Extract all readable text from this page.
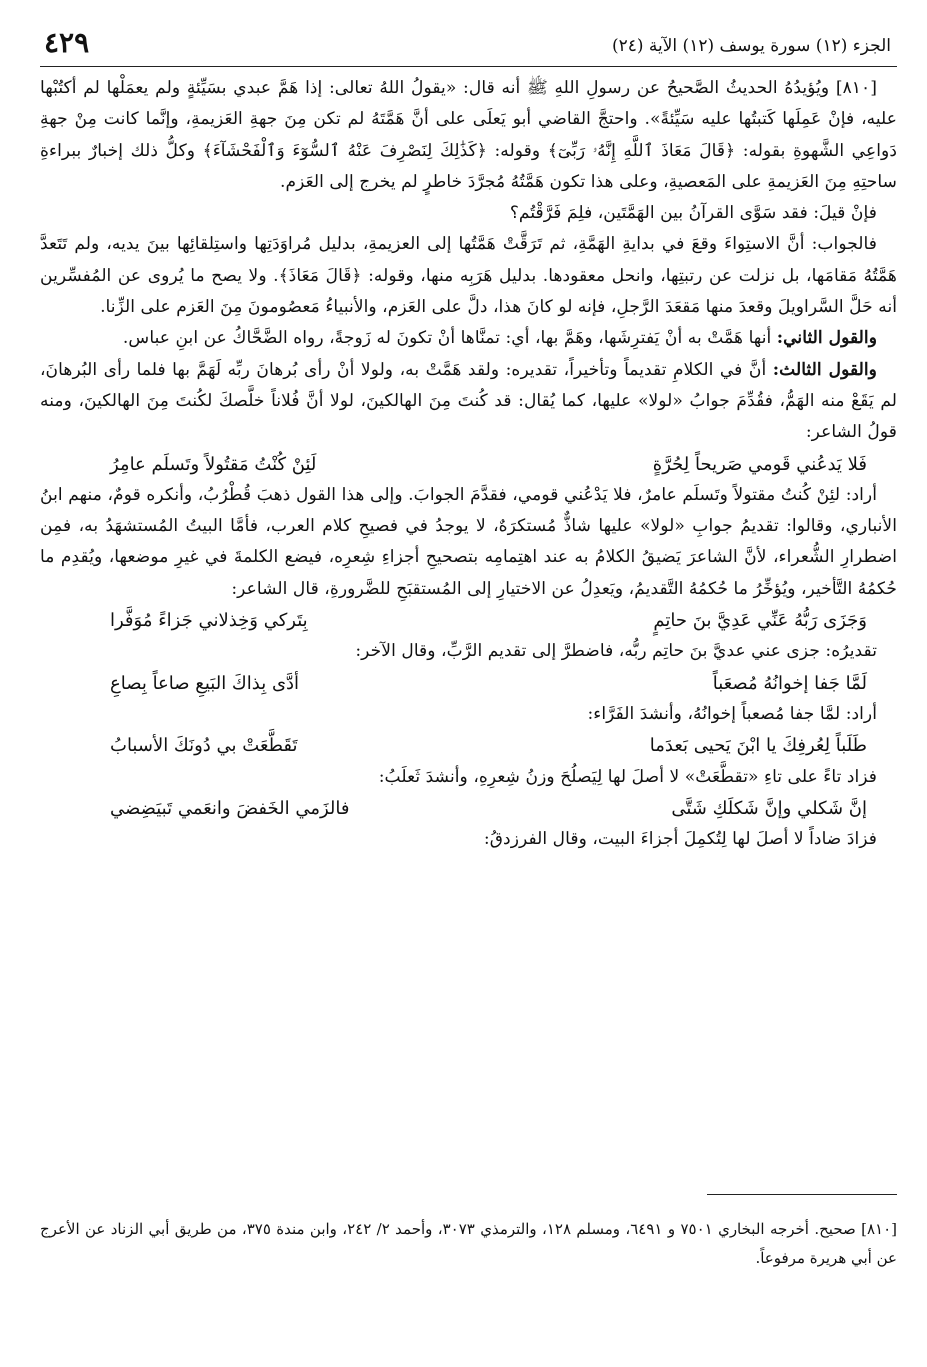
الجزء (١٢) سورة يوسف (١٢) الآية (٢٤)
٤٢٩

[٨١٠] ويُؤيدُهُ الحديثُ الصَّحيحُ عن رسولِ اللهِ ﷺ أنه قال: «يقولُ اللهُ تعالى: إذا هَمَّ عبدي بسَيِّئةٍ ولم يعمَلْها لم أكتُبْها عليه، فإنْ عَمِلَها كَتبتُها عليه سَيِّئةً». واحتجَّ القاضي أبو يَعلَى على أنَّ هَمَّتَهُ لم تكن مِنَ جهةِ العَزيمةِ، وإنَّما كانت مِنْ جهةِ دَواعِي الشَّهوةِ بقوله: ﴿قَالَ مَعَاذَ ٱللَّهِ إِنَّهُۥ رَبِّىٓ﴾ وقوله: ﴿كَذَٰلِكَ لِنَصْرِفَ عَنْهُ ٱلسُّوٓءَ وَٱلْفَحْشَآءَ﴾ وكلُّ ذلك إخبارٌ ببراءةِ ساحتِهِ مِنَ العَزيمةِ على المَعصيةِ، وعلى هذا تكون هَمَّتُهُ مُجرَّدَ خاطرٍ لم يخرج إلى العَزم.

فإنْ قيلَ: فقد سَوَّى القرآنُ بين الهَمَّتَين، فلِمَ فَرَّقْتُم؟

فالجواب: أنَّ الاستِواءَ وقعَ في بدايةِ الهَمَّةِ، ثم تَرَقَّتْ هَمَّتُها إلى العزيمةِ، بدليل مُراوَدَتِها واستِلقائِها بينَ يديه، ولم تَتَعدَّ هَمَّتُهُ مَقامَها، بل نزلت عن رتبتِها، وانحل معقودها. بدليل هَرَبِه منها، وقوله: ﴿قَالَ مَعَاذَ﴾. ولا يصح ما يُروى عن المُفسِّرين أنه حَلَّ السَّراويلَ وقعدَ منها مَقعَدَ الرَّجلِ، فإنه لو كانَ هذا، دلَّ على العَزم، والأنبياءُ مَعصُومونَ مِنَ العَزم على الزِّنا.

والقول الثاني: أنها هَمَّتْ به أنْ يَفترِشَها، وهَمَّ بها، أي: تمنَّاها أنْ تكونَ له زَوجةً، رواه الضَّحَّاكُ عن ابنِ عباس.

والقول الثالث: أنَّ في الكلامِ تقديماً وتأخيراً، تقديره: ولقد هَمَّتْ به، ولولا أنْ رأى بُرهانَ ربِّه لَهَمَّ بها فلما رأى البُرهانَ، لم يَقَعْ منه الهَمُّ، فقُدِّمَ جوابُ «لولا» عليها، كما يُقال: قد كُنتَ مِنَ الهالكينَ، لولا أنَّ فُلاناً خلَّصكَ لكُنتَ مِنَ الهالكينَ، ومنه قولُ الشاعر:

فَلا يَدعُني قَومي صَريحاً لِحُرَّةٍ
لَئِنْ كُنْتُ مَقتُولاً وتَسلَم عامِرُ

أراد: لئِنْ كُنتُ مقتولاً وتَسلَم عامرٌ، فلا يَدْعُني قومي، فقدَّمَ الجوابَ. وإلى هذا القول ذهبَ قُطْرُبُ، وأنكره قومٌ، منهم ابنُ الأنباري، وقالوا: تقديمُ جوابِ «لولا» عليها شاذٌّ مُستكرَهٌ، لا يوجدُ في فصيحِ كلام العرب، فأمَّا البيتُ المُستشهَدُ به، فمِن اضطرارِ الشُّعراء، لأنَّ الشاعرَ يَضيقُ الكلامُ به عند اهتِمامِه بتصحيحِ أجزاءِ شِعرِه، فيضع الكلمةَ في غيرِ موضعها، ويُقدِم ما حُكمُهُ التَّأخير، ويُؤخِّرُ ما حُكمُهُ التَّقديمُ، ويَعدِلُ عن الاختيارِ إلى المُستقبَحِ للضَّرورةِ، قال الشاعر:

وَجَزَى رَبُّهُ عَنِّي عَدِيَّ بنَ حاتِمٍ
بِتَركي وَخِذلاني جَزاءً مُوَفَّرا

تقديرُه: جزى عني عديَّ بنَ حاتِم ربُّه، فاضطرَّ إلى تقديم الرَّبِّ، وقال الآخر:

لَمَّا جَفا إخوانُهُ مُصعَباً
أدَّى بِذاكَ البَيعِ صاعاً بِصاعِ

أراد: لمَّا جفا مُصعباً إخوانُهُ، وأنشدَ الفَرَّاء:

طَلَباً لِعُرفِكَ يا ابْنَ يَحيى بَعدَما
تَقَطَّعَتْ بي دُونَكَ الأسبابُ

فزاد تاءً على تاءِ «تقطَّعَتْ» لا أصلَ لها لِيَصلُحَ وزنُ شِعرِهِ، وأنشدَ ثَعلَبُ:

إنَّ شَكلي وإنَّ شَكلَكِ شَتَّى
فالزَمي الخَفضَ وانعَمي تَبيَضِضي

فزادَ ضاداً لا أصلَ لها لِتُكمِلَ أجزاءَ البيت، وقال الفرزدقُ:

[٨١٠] صحيح. أخرجه البخاري ٧٥٠١ و ٦٤٩١، ومسلم ١٢٨، والترمذي ٣٠٧٣، وأحمد ٢/ ٢٤٢، وابن مندة ٣٧٥، من طريق أبي الزناد عن الأعرج عن أبي هريرة مرفوعاً.
